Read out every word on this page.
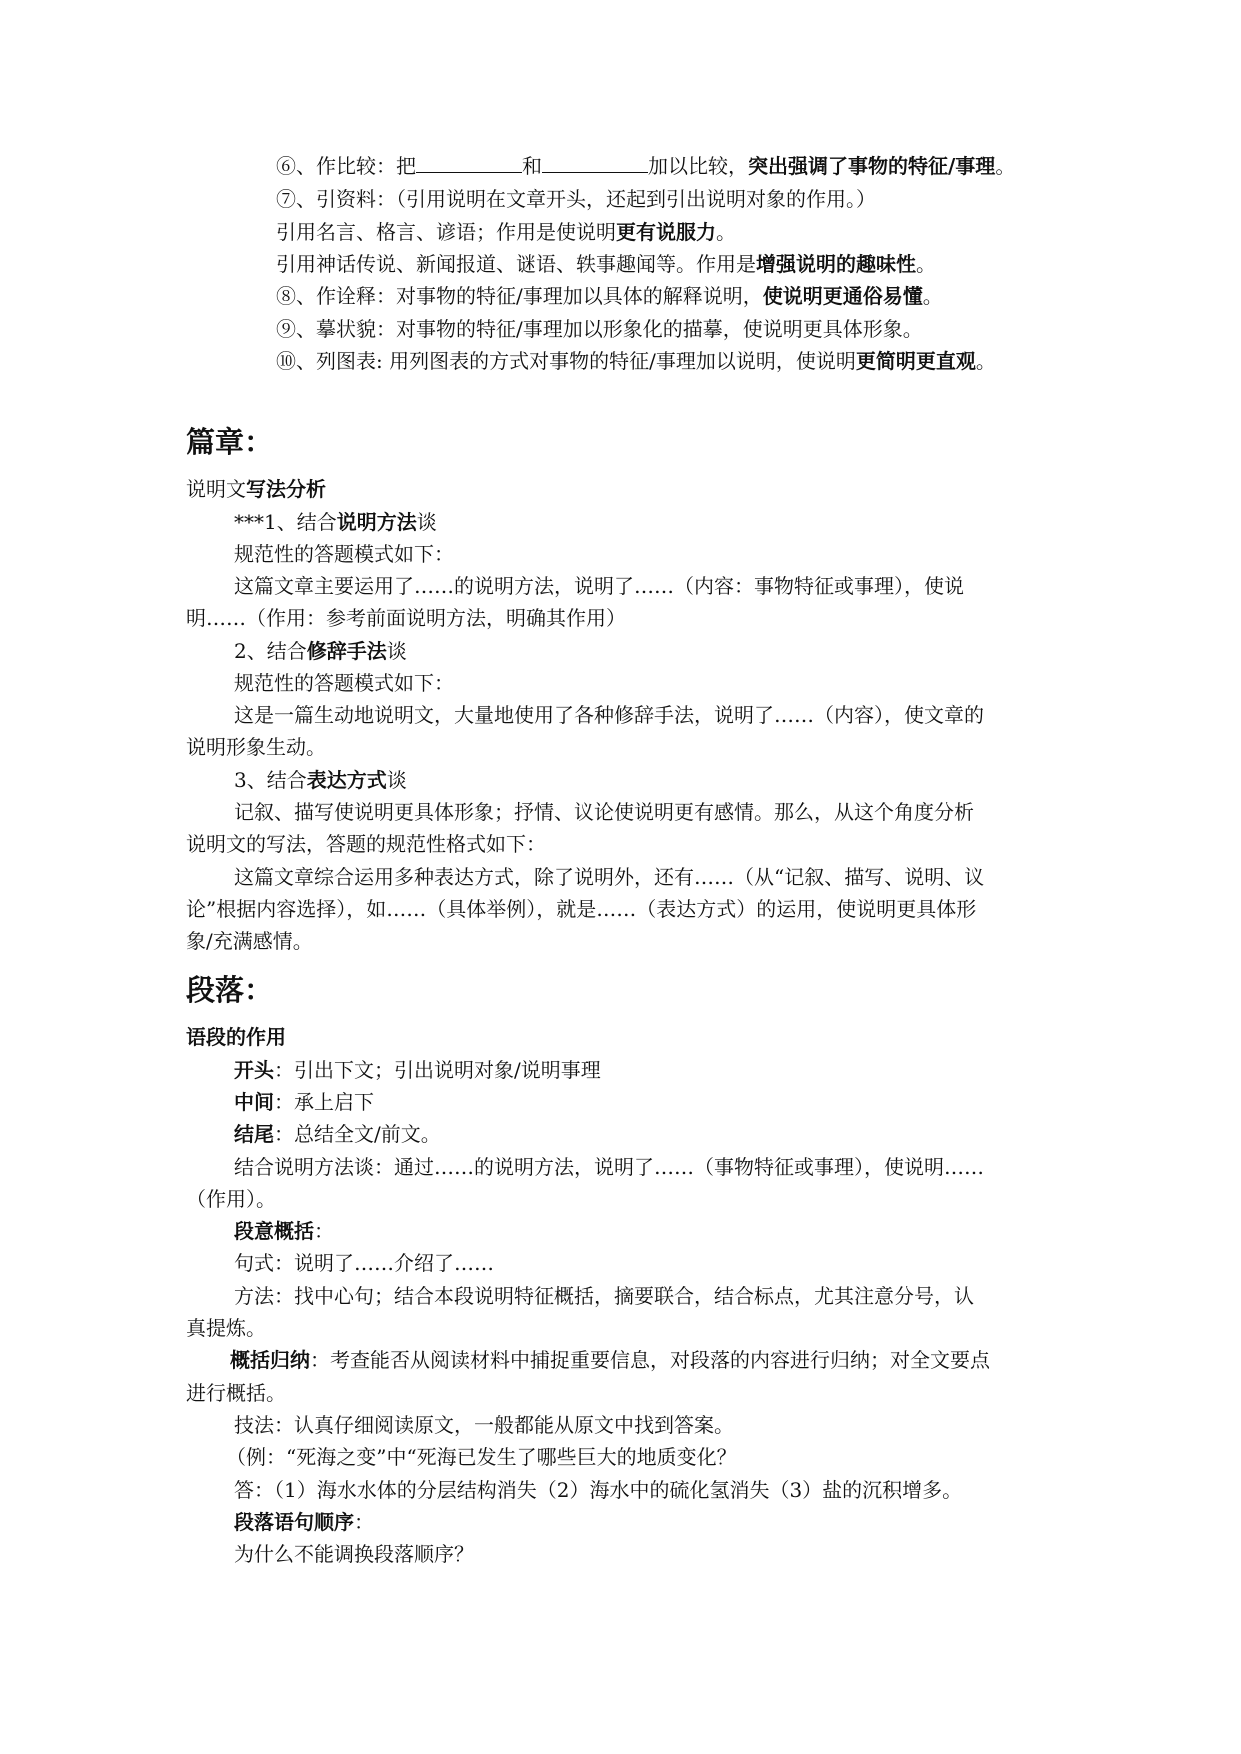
⑥、作比较：把	和	加以比较，突出强调了事物的特征/事理。
⑦、引资料：（引用说明在文章开头，还起到引出说明对象的作用。）
引用名言、格言、谚语；作用是使说明更有说服力。
引用神话传说、新闻报道、谜语、轶事趣闻等。作用是增强说明的趣味性。
⑧、作诠释：对事物的特征/事理加以具体的解释说明，使说明更通俗易懂。
⑨、摹状貌：对事物的特征/事理加以形象化的描摹，使说明更具体形象。
⑩、列图表: 用列图表的方式对事物的特征/事理加以说明，使说明更简明更直观。
篇章：
说明文写法分析
***1、结合说明方法谈
规范性的答题模式如下：
这篇文章主要运用了……的说明方法，说明了……（内容：事物特征或事理），使说
明……（作用：参考前面说明方法，明确其作用）
2、结合修辞手法谈
规范性的答题模式如下：
这是一篇生动地说明文，大量地使用了各种修辞手法，说明了……（内容），使文章的
说明形象生动。
3、结合表达方式谈
记叙、描写使说明更具体形象；抒情、议论使说明更有感情。那么，从这个角度分析
说明文的写法，答题的规范性格式如下：
这篇文章综合运用多种表达方式，除了说明外，还有……（从“记叙、描写、说明、议
论”根据内容选择），如……（具体举例），就是……（表达方式）的运用，使说明更具体形
象/充满感情。
段落：
语段的作用
开头：引出下文；引出说明对象/说明事理
中间：承上启下
结尾：总结全文/前文。
结合说明方法谈：通过……的说明方法，说明了……（事物特征或事理），使说明……
（作用）。
段意概括：
句式：说明了……介绍了……
方法：找中心句；结合本段说明特征概括，摘要联合，结合标点，尤其注意分号，认
真提炼。
概括归纳：考查能否从阅读材料中捕捉重要信息，对段落的内容进行归纳；对全文要点
进行概括。
技法：认真仔细阅读原文，一般都能从原文中找到答案。
（例：“死海之变”中“死海已发生了哪些巨大的地质变化？
答：（1）海水水体的分层结构消失（2）海水中的硫化氢消失（3）盐的沉积增多。
段落语句顺序：
为什么不能调换段落顺序？
